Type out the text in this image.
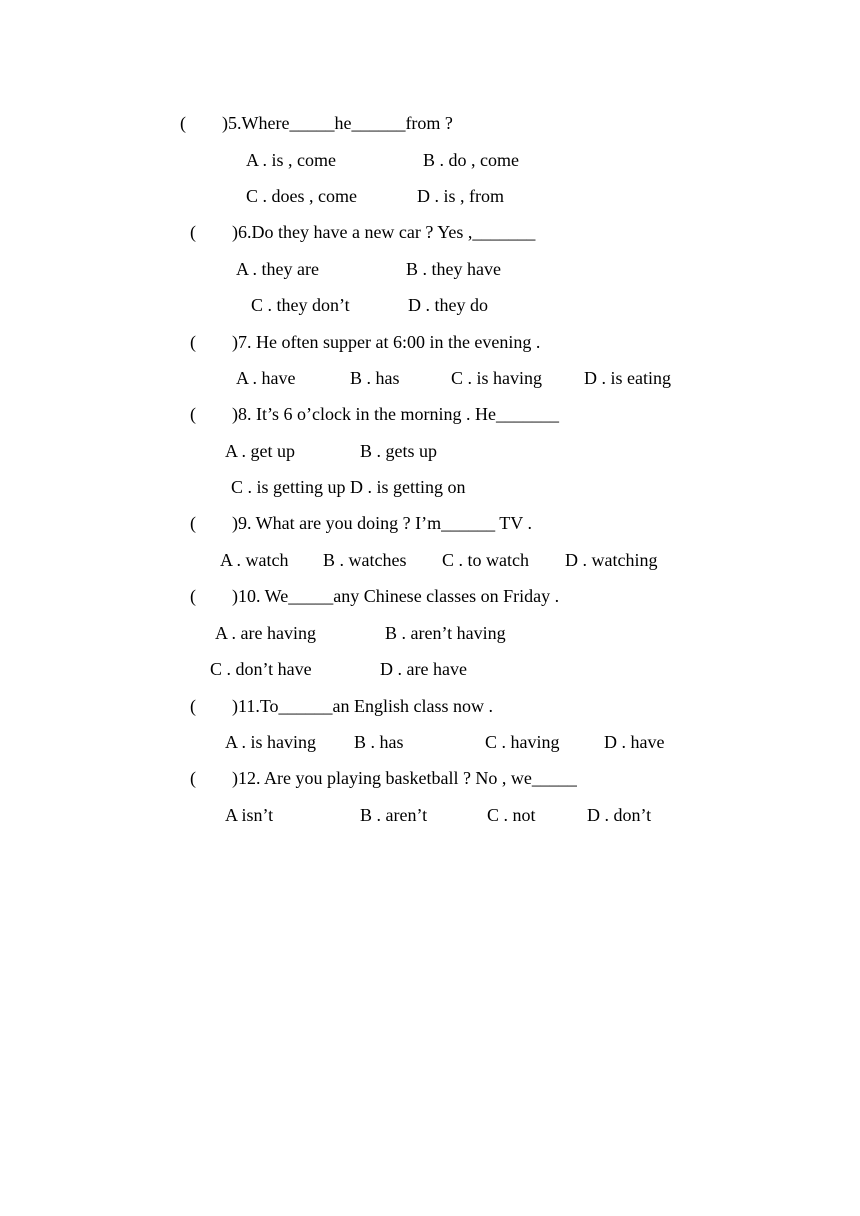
(        )5.Where_____he______from ?
A . is , come	B . do , come
C . does , come	D . is , from
(        )6.Do they have a new car ? Yes ,_______
A . they are	B . they have
C . they don’t	D . they do
(        )7. He often supper at 6:00 in the evening .
A . have	B . has	C . is having D . is eating
(        )8. It’s 6 o’clock in the morning . He_______
A . get up	B . gets up
C . is getting up D . is getting on
(        )9. What are you doing ? I’m______ TV .
A . watch B . watches C . to watch D . watching
(        )10. We_____any Chinese classes on Friday .
A . are having	B . aren’t having
C . don’t have	D . are have
(        )11.To______an English class now .
A . is having B . has	C . having D . have
(        )12. Are you playing basketball ? No , we_____
A isn’t	B . aren’t	C . not	D . don’t
